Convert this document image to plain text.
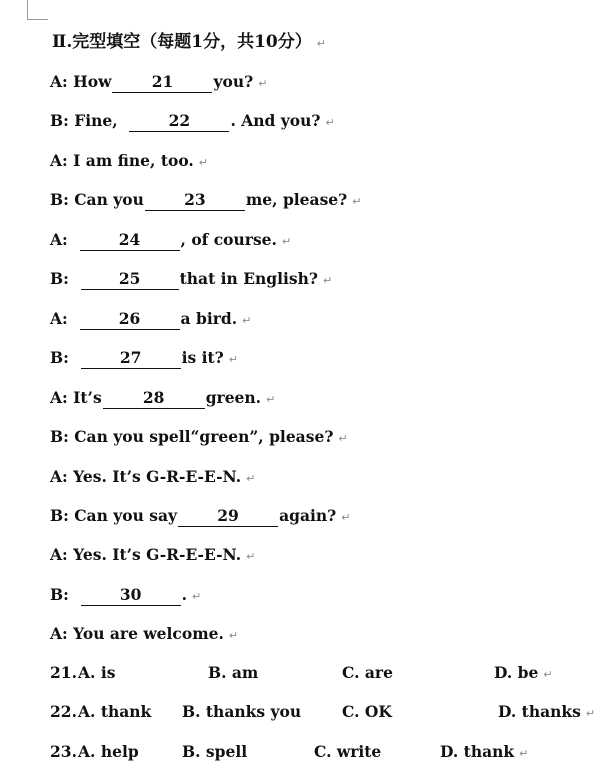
Ⅱ.完型填空（每题1分，共10分） ↵
A: How	21	you? ↵
B: Fine,	22	. And you? ↵
A: I am fine, too. ↵
B: Can you	23	me, please? ↵
A:	24	, of course. ↵
B:	25	that in English? ↵
A:	26	a bird. ↵
B:	27	is it? ↵
A: It’s	28	green. ↵
B: Can you spell“green”, please? ↵
A: Yes. It’s G-R-E-E-N. ↵
B: Can you say	29	again? ↵
A: Yes. It’s G-R-E-E-N. ↵
B:	30	. ↵
A: You are welcome. ↵
21. A. is	B. am	C. are	D. be ↵
22. A. thank B. thanks you	C. OK	D. thanks ↵
23. A. help	B. spell	C. write	D. thank ↵
